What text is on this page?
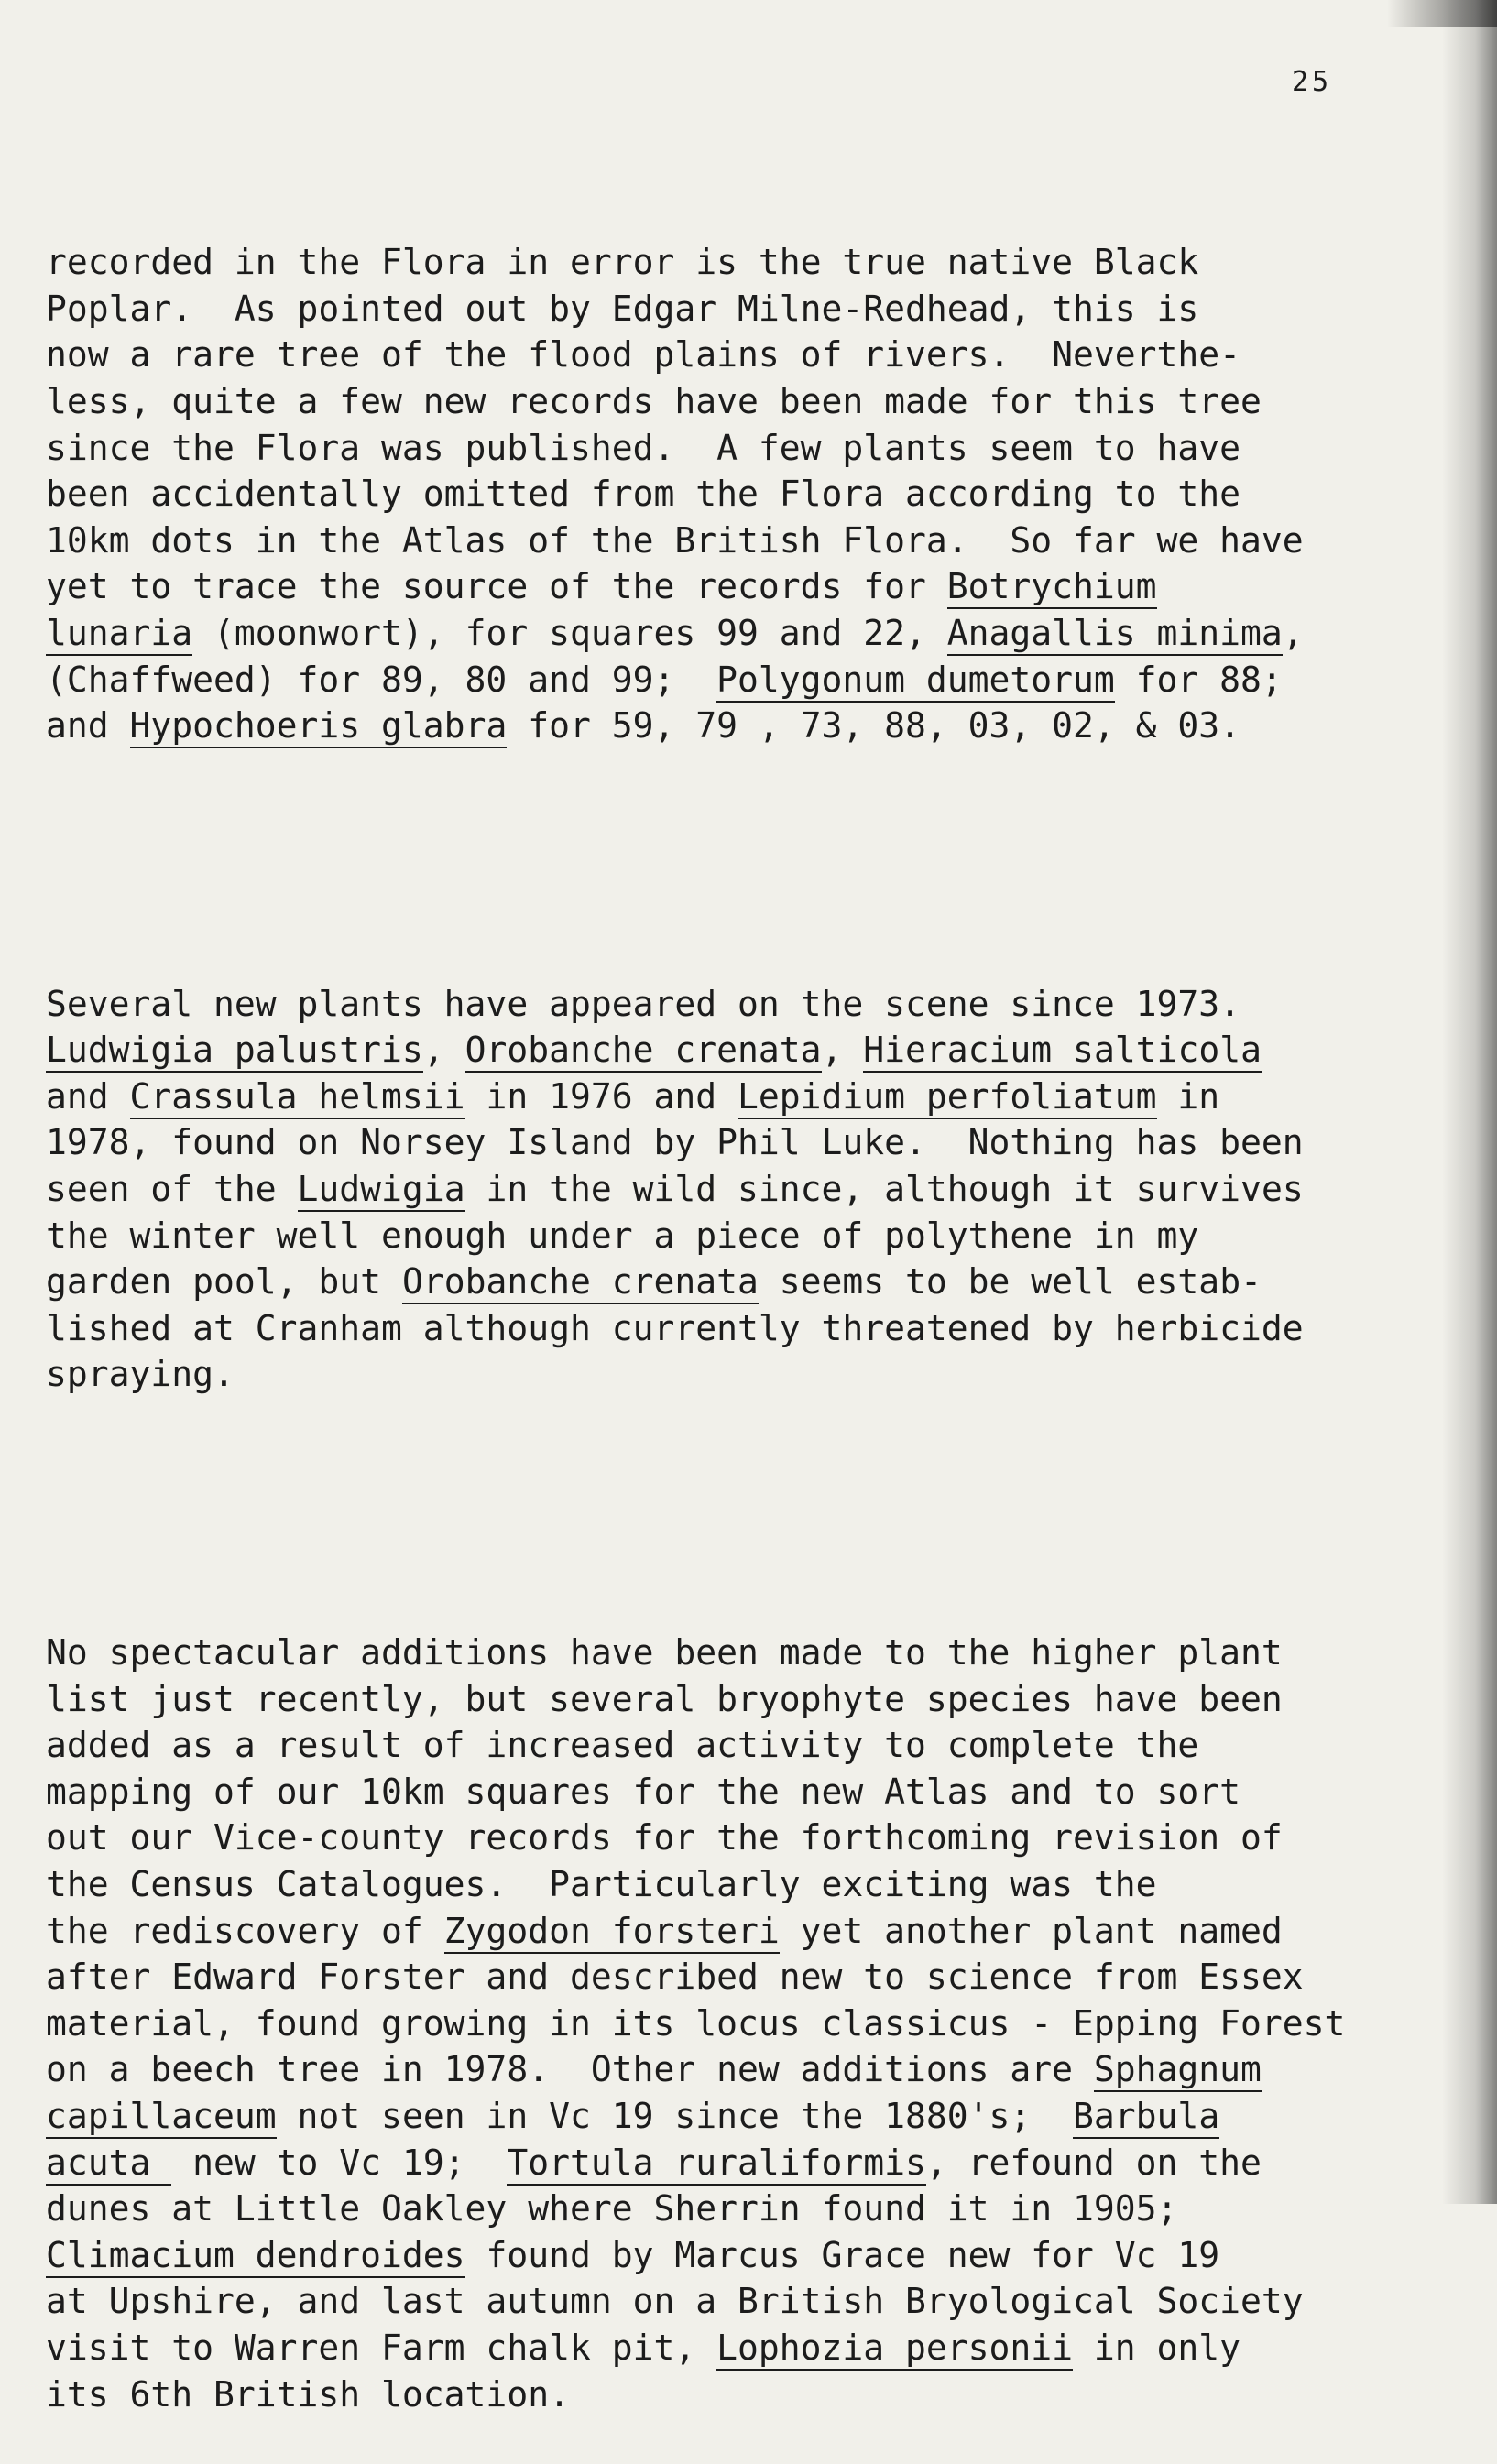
25

recorded in the Flora in error is the true native Black
Poplar.  As pointed out by Edgar Milne-Redhead, this is
now a rare tree of the flood plains of rivers.  Neverthe-
less, quite a few new records have been made for this tree
since the Flora was published.  A few plants seem to have
been accidentally omitted from the Flora according to the
10km dots in the Atlas of the British Flora.  So far we have
yet to trace the source of the records for Botrychium
lunaria (moonwort), for squares 99 and 22, Anagallis minima,
(Chaffweed) for 89, 80 and 99;  Polygonum dumetorum for 88;
and Hypochoeris glabra for 59, 79 , 73, 88, 03, 02, & 03.

Several new plants have appeared on the scene since 1973.
Ludwigia palustris, Orobanche crenata, Hieracium salticola
and Crassula helmsii in 1976 and Lepidium perfoliatum in
1978, found on Norsey Island by Phil Luke.  Nothing has been
seen of the Ludwigia in the wild since, although it survives
the winter well enough under a piece of polythene in my
garden pool, but Orobanche crenata seems to be well estab-
lished at Cranham although currently threatened by herbicide
spraying.

No spectacular additions have been made to the higher plant
list just recently, but several bryophyte species have been
added as a result of increased activity to complete the
mapping of our 10km squares for the new Atlas and to sort
out our Vice-county records for the forthcoming revision of
the Census Catalogues.  Particularly exciting was the
the rediscovery of Zygodon forsteri yet another plant named
after Edward Forster and described new to science from Essex
material, found growing in its locus classicus - Epping Forest
on a beech tree in 1978.  Other new additions are Sphagnum
capillaceum not seen in Vc 19 since the 1880's;  Barbula
acuta  new to Vc 19;  Tortula ruraliformis, refound on the
dunes at Little Oakley where Sherrin found it in 1905;
Climacium dendroides found by Marcus Grace new for Vc 19
at Upshire, and last autumn on a British Bryological Society
visit to Warren Farm chalk pit, Lophozia personii in only
its 6th British location.
